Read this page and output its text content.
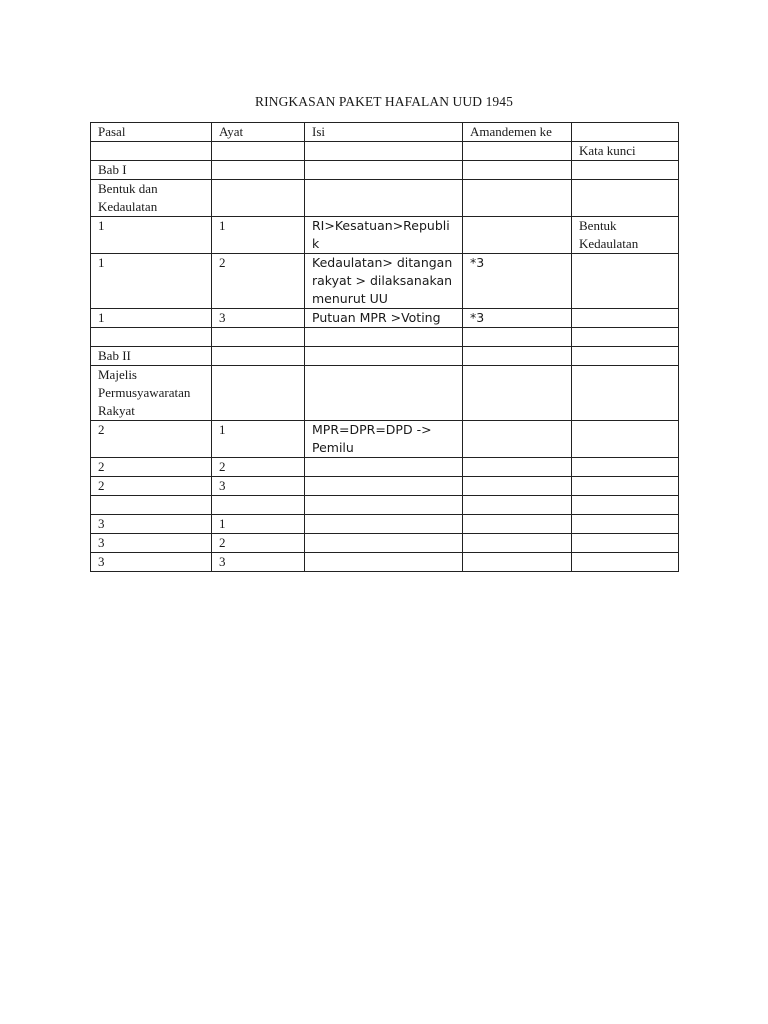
RINGKASAN PAKET HAFALAN UUD 1945
Pasal	Ayat	Isi	Amandemen ke	
				Kata kunci
Bab I				
Bentuk dan Kedaulatan				
1	1	RI>Kesatuan>Republik		Bentuk Kedaulatan
1	2	Kedaulatan> ditangan rakyat > dilaksanakan menurut UU	*3	
1	3	Putuan MPR >Voting	*3	

Bab II				
Majelis Permusyawaratan Rakyat				
2	1	MPR=DPR=DPD -> Pemilu		
2	2			
2	3			

3	1			
3	2			
3	3			
